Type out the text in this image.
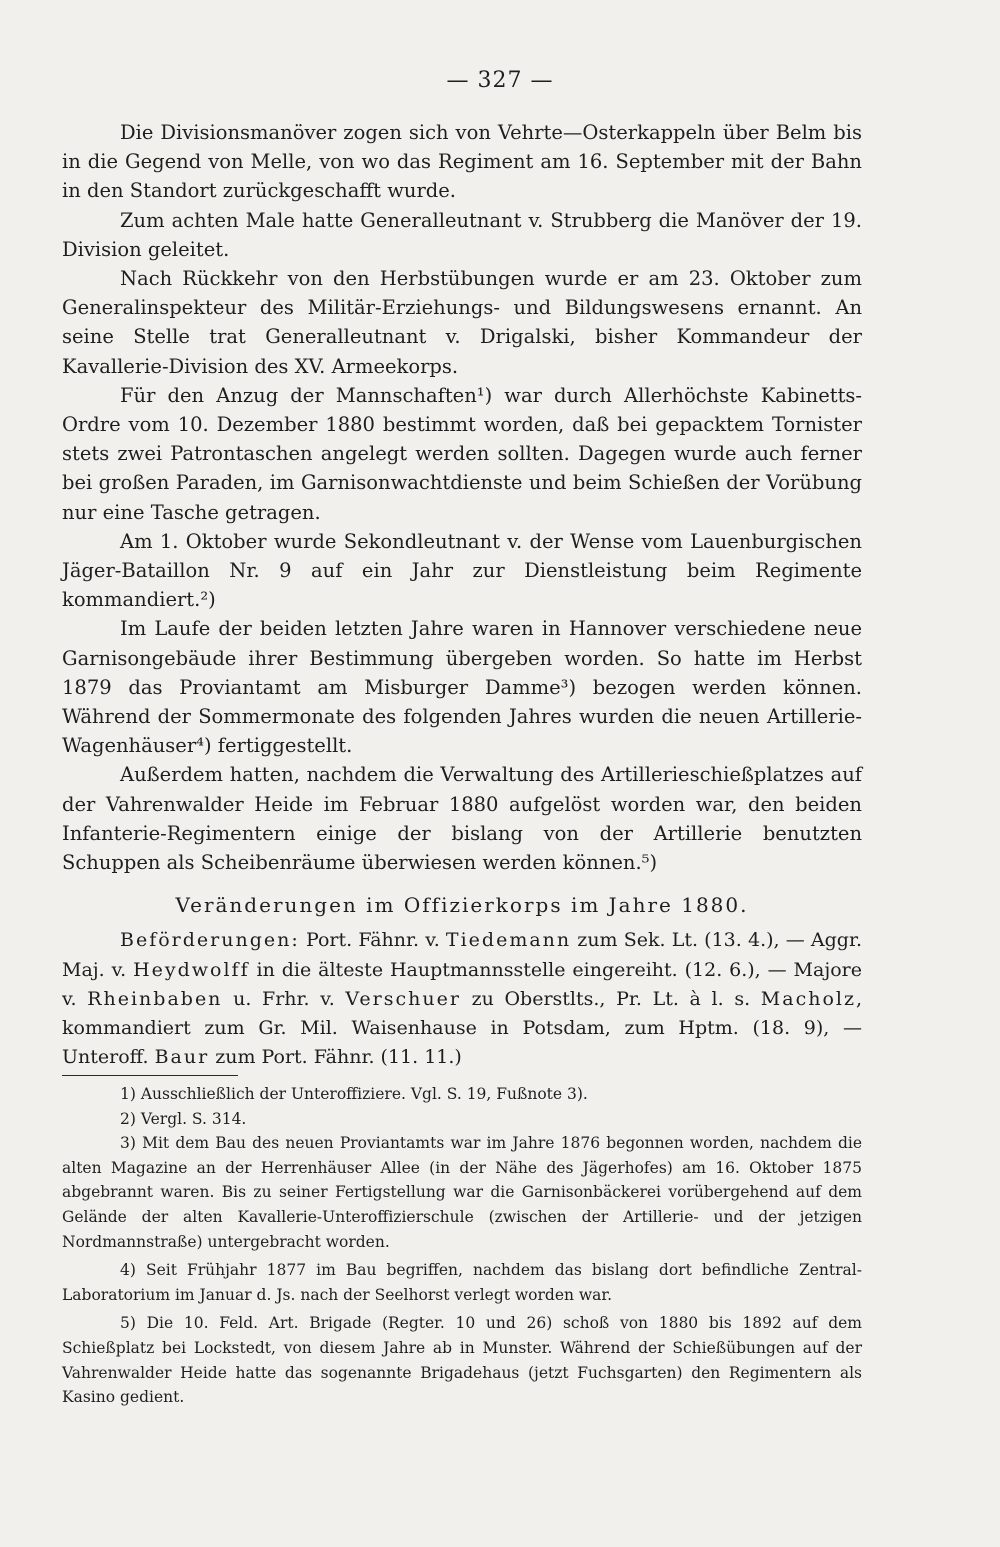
— 327 —

Die Divisionsmanöver zogen sich von Vehrte—Osterkappeln über Belm bis in die Gegend von Melle, von wo das Regiment am 16. September mit der Bahn in den Standort zurückgeschafft wurde.

Zum achten Male hatte Generalleutnant v. Strubberg die Manöver der 19. Division geleitet.

Nach Rückkehr von den Herbstübungen wurde er am 23. Oktober zum Generalinspekteur des Militär-Erziehungs- und Bildungswesens ernannt. An seine Stelle trat Generalleutnant v. Drigalski, bisher Kommandeur der Kavallerie-Division des XV. Armeekorps.

Für den Anzug der Mannschaften¹) war durch Allerhöchste Kabinetts-Ordre vom 10. Dezember 1880 bestimmt worden, daß bei gepacktem Tornister stets zwei Patrontaschen angelegt werden sollten. Dagegen wurde auch ferner bei großen Paraden, im Garnisonwachtdienste und beim Schießen der Vorübung nur eine Tasche getragen.

Am 1. Oktober wurde Sekondleutnant v. der Wense vom Lauenburgischen Jäger-Bataillon Nr. 9 auf ein Jahr zur Dienstleistung beim Regimente kommandiert.²)

Im Laufe der beiden letzten Jahre waren in Hannover verschiedene neue Garnisongebäude ihrer Bestimmung übergeben worden. So hatte im Herbst 1879 das Proviantamt am Misburger Damme³) bezogen werden können. Während der Sommermonate des folgenden Jahres wurden die neuen Artillerie-Wagenhäuser⁴) fertiggestellt.

Außerdem hatten, nachdem die Verwaltung des Artillerieschießplatzes auf der Vahrenwalder Heide im Februar 1880 aufgelöst worden war, den beiden Infanterie-Regimentern einige der bislang von der Artillerie benutzten Schuppen als Scheibenräume überwiesen werden können.⁵)

Veränderungen im Offizierkorps im Jahre 1880.

Beförderungen: Port. Fähnr. v. Tiedemann zum Sek. Lt. (13. 4.), — Aggr. Maj. v. Heydwolff in die älteste Hauptmannsstelle eingereiht. (12. 6.), — Majore v. Rheinbaben u. Frhr. v. Verschuer zu Oberstlts., Pr. Lt. à l. s. Macholz, kommandiert zum Gr. Mil. Waisenhause in Potsdam, zum Hptm. (18. 9), — Unteroff. Baur zum Port. Fähnr. (11. 11.)

1) Ausschließlich der Unteroffiziere. Vgl. S. 19, Fußnote 3).

2) Vergl. S. 314.

3) Mit dem Bau des neuen Proviantamts war im Jahre 1876 begonnen worden, nachdem die alten Magazine an der Herrenhäuser Allee (in der Nähe des Jägerhofes) am 16. Oktober 1875 abgebrannt waren. Bis zu seiner Fertigstellung war die Garnisonbäckerei vorübergehend auf dem Gelände der alten Kavallerie-Unteroffizierschule (zwischen der Artillerie- und der jetzigen Nordmannstraße) untergebracht worden.

4) Seit Frühjahr 1877 im Bau begriffen, nachdem das bislang dort befindliche Zentral-Laboratorium im Januar d. Js. nach der Seelhorst verlegt worden war.

5) Die 10. Feld. Art. Brigade (Regter. 10 und 26) schoß von 1880 bis 1892 auf dem Schießplatz bei Lockstedt, von diesem Jahre ab in Munster. Während der Schießübungen auf der Vahrenwalder Heide hatte das sogenannte Brigadehaus (jetzt Fuchsgarten) den Regimentern als Kasino gedient.
